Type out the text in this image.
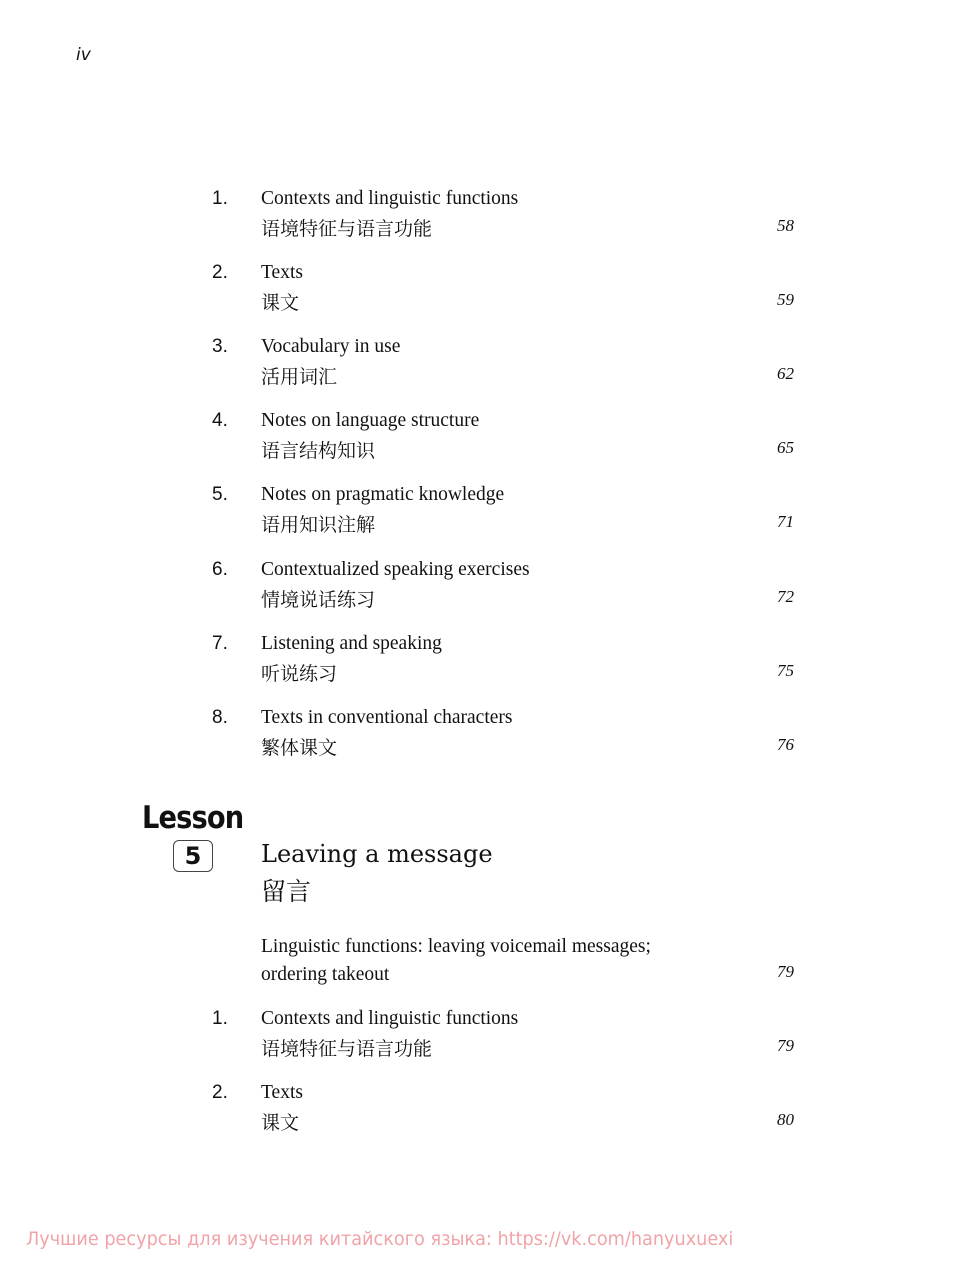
iv
1. Contexts and linguistic functions
语境特征与语言功能	58
2. Texts
课文	59
3. Vocabulary in use
活用词汇	62
4. Notes on language structure
语言结构知识	65
5. Notes on pragmatic knowledge
语用知识注解	71
6. Contextualized speaking exercises
情境说话练习	72
7. Listening and speaking
听说练习	75
8. Texts in conventional characters
繁体课文	76
Lesson
5	Leaving a message
留言
Linguistic functions: leaving voicemail messages;
ordering takeout	79
1. Contexts and linguistic functions
语境特征与语言功能	79
2. Texts
课文	80
Лучшие ресурсы для изучения китайского языка: https://vk.com/hanyuxuexi
